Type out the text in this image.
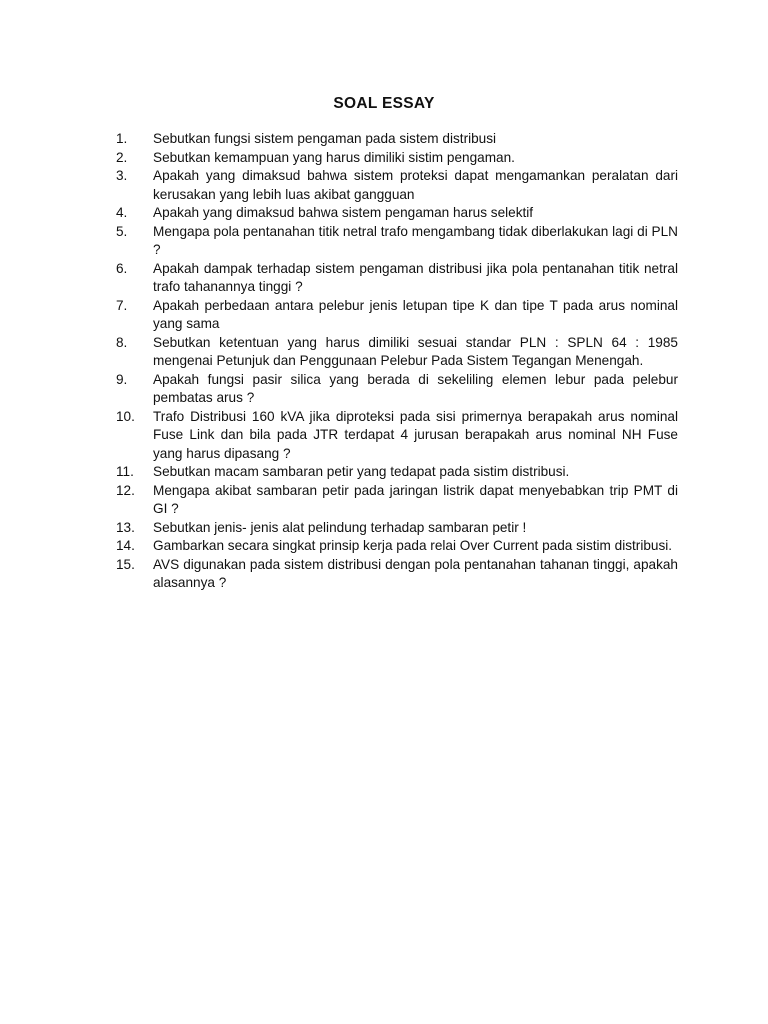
SOAL ESSAY
1.	Sebutkan fungsi sistem pengaman pada sistem distribusi
2.	Sebutkan kemampuan yang harus dimiliki sistim pengaman.
3.	Apakah yang dimaksud bahwa sistem proteksi dapat mengamankan peralatan dari kerusakan yang lebih luas akibat gangguan
4.	Apakah yang dimaksud bahwa sistem pengaman harus selektif
5.	Mengapa pola pentanahan titik netral trafo mengambang tidak diberlakukan lagi di PLN ?
6.	Apakah dampak terhadap sistem pengaman distribusi jika pola pentanahan titik netral trafo tahanannya tinggi ?
7.	Apakah perbedaan antara pelebur jenis letupan tipe K dan tipe T pada arus nominal yang sama
8.	Sebutkan ketentuan yang harus dimiliki sesuai standar PLN : SPLN 64 : 1985 mengenai Petunjuk dan Penggunaan Pelebur Pada Sistem Tegangan Menengah.
9.	Apakah fungsi pasir silica yang berada di sekeliling elemen lebur pada pelebur pembatas arus ?
10.	Trafo Distribusi 160 kVA jika diproteksi pada sisi primernya berapakah arus nominal Fuse Link dan bila pada JTR terdapat 4 jurusan berapakah arus nominal NH Fuse yang harus dipasang ?
11.	Sebutkan macam sambaran petir yang tedapat pada sistim distribusi.
12.	Mengapa akibat sambaran petir pada jaringan listrik dapat menyebabkan trip PMT di GI ?
13.	Sebutkan jenis- jenis alat pelindung terhadap sambaran petir !
14.	Gambarkan secara singkat prinsip kerja pada relai Over Current pada sistim distribusi.
15.	AVS digunakan pada sistem distribusi dengan pola pentanahan tahanan tinggi, apakah alasannya ?
